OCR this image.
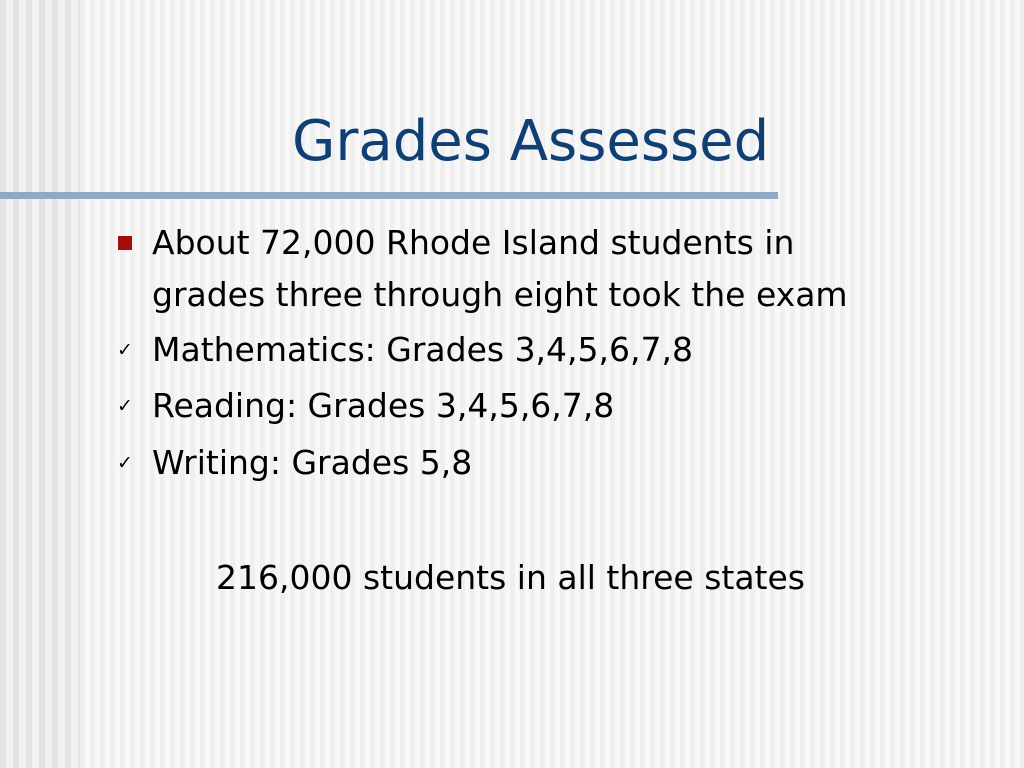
Grades Assessed
About 72,000 Rhode Island students in
grades three through eight took the exam
✓ Mathematics: Grades 3,4,5,6,7,8
✓ Reading: Grades 3,4,5,6,7,8
✓ Writing: Grades 5,8
216,000 students in all three states
